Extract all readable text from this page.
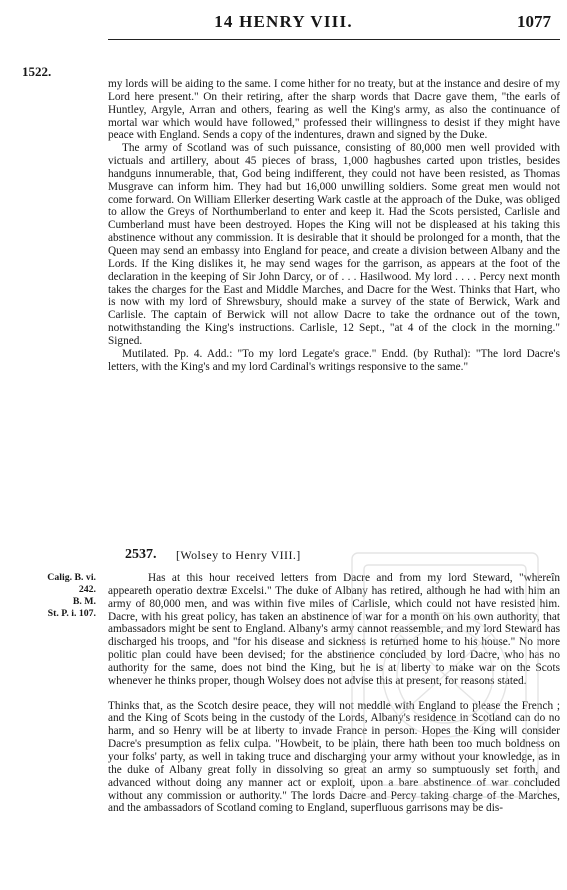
14 HENRY VIII.	1077
1522.

my lords will be aiding to the same. I come hither for no treaty, but at the instance and desire of my Lord here present." On their retiring, after the sharp words that Dacre gave them, "the earls of Huntley, Argyle, Arran and others, fearing as well the King's army, as also the continuance of mortal war which would have followed," professed their willingness to desist if they might have peace with England. Sends a copy of the indentures, drawn and signed by the Duke.

The army of Scotland was of such puissance, consisting of 80,000 men well provided with victuals and artillery, about 45 pieces of brass, 1,000 hagbushes carted upon tristles, besides handguns innumerable, that, God being indifferent, they could not have been resisted, as Thomas Musgrave can inform him. They had but 16,000 unwilling soldiers. Some great men would not come forward. On William Ellerker deserting Wark castle at the approach of the Duke, was obliged to allow the Greys of Northumberland to enter and keep it. Had the Scots persisted, Carlisle and Cumberland must have been destroyed. Hopes the King will not be displeased at his taking this abstinence without any commission. It is desirable that it should be prolonged for a month, that the Queen may send an embassy into England for peace, and create a division between Albany and the Lords. If the King dislikes it, he may send wages for the garrison, as appears at the foot of the declaration in the keeping of Sir John Darcy, or of . . . Hasilwood. My lord . . . . Percy next month takes the charges for the East and Middle Marches, and Dacre for the West. Thinks that Hart, who is now with my lord of Shrewsbury, should make a survey of the state of Berwick, Wark and Carlisle. The captain of Berwick will not allow Dacre to take the ordnance out of the town, notwithstanding the King's instructions. Carlisle, 12 Sept., "at 4 of the clock in the morning." Signed.

Mutilated. Pp. 4. Add.: "To my lord Legate's grace." Endd. (by Ruthal): "The lord Dacre's letters, with the King's and my lord Cardinal's writings responsive to the same."

2537. [Wolsey to Henry VIII.]
Calig. B. vi.
242.
B. M.
St. P. i. 107.

Has at this hour received letters from Dacre and from my lord Steward, "whereîn appeareth operatio dextræ Excelsi." The duke of Albany has retired, although he had with him an army of 80,000 men, and was within five miles of Carlisle, which could not have resisted him. Dacre, with his great policy, has taken an abstinence of war for a month on his own authority, that ambassadors might be sent to England. Albany's army cannot reassemble, and my lord Steward has discharged his troops, and "for his disease and sickness is returned home to his house." No more politic plan could have been devised; for the abstinence concluded by lord Dacre, who has no authority for the same, does not bind the King, but he is at liberty to make war on the Scots whenever he thinks proper, though Wolsey does not advise this at present, for reasons stated.

Thinks that, as the Scotch desire peace, they will not meddle with England to please the French ; and the King of Scots being in the custody of the Lords, Albany's residence in Scotland can do no harm, and so Henry will be at liberty to invade France in person. Hopes the King will consider Dacre's presumption as felix culpa. "Howbeit, to be plain, there hath been too much boldness on your folks' party, as well in taking truce and discharging your army without your knowledge, as in the duke of Albany great folly in dissolving so great an army so sumptuously set forth, and advanced without doing any manner act or exploit, upon a bare abstinence of war concluded without any commission or authority." The lords Dacre and Percy taking charge of the Marches, and the ambassadors of Scotland coming to England, superfluous garrisons may be dis-
